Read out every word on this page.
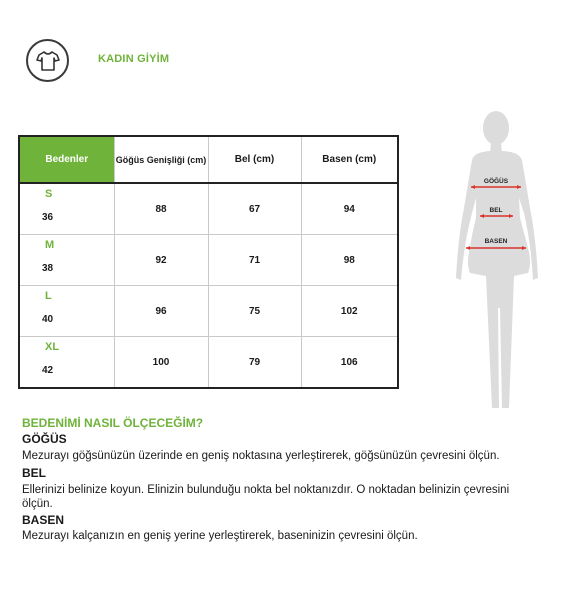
KADIN GİYİM
Bedenler	Göğüs Genişliği (cm)	Bel (cm)	Basen (cm)

S
36	88	67	94

M
38	92	71	98

L
40	96	75	102

XL
42	100	79	106
GÖĞÜS
BEL
BASEN
BEDENİMİ NASIL ÖLÇECEĞİM?
GÖĞÜS
Mezurayı göğsünüzün üzerinde en geniş noktasına yerleştirerek, göğsünüzün çevresini ölçün.
BEL
Ellerinizi belinize koyun. Elinizin bulunduğu nokta bel noktanızdır. O noktadan belinizin çevresini ölçün.
BASEN
Mezurayı kalçanızın en geniş yerine yerleştirerek, baseninizin çevresini ölçün.
